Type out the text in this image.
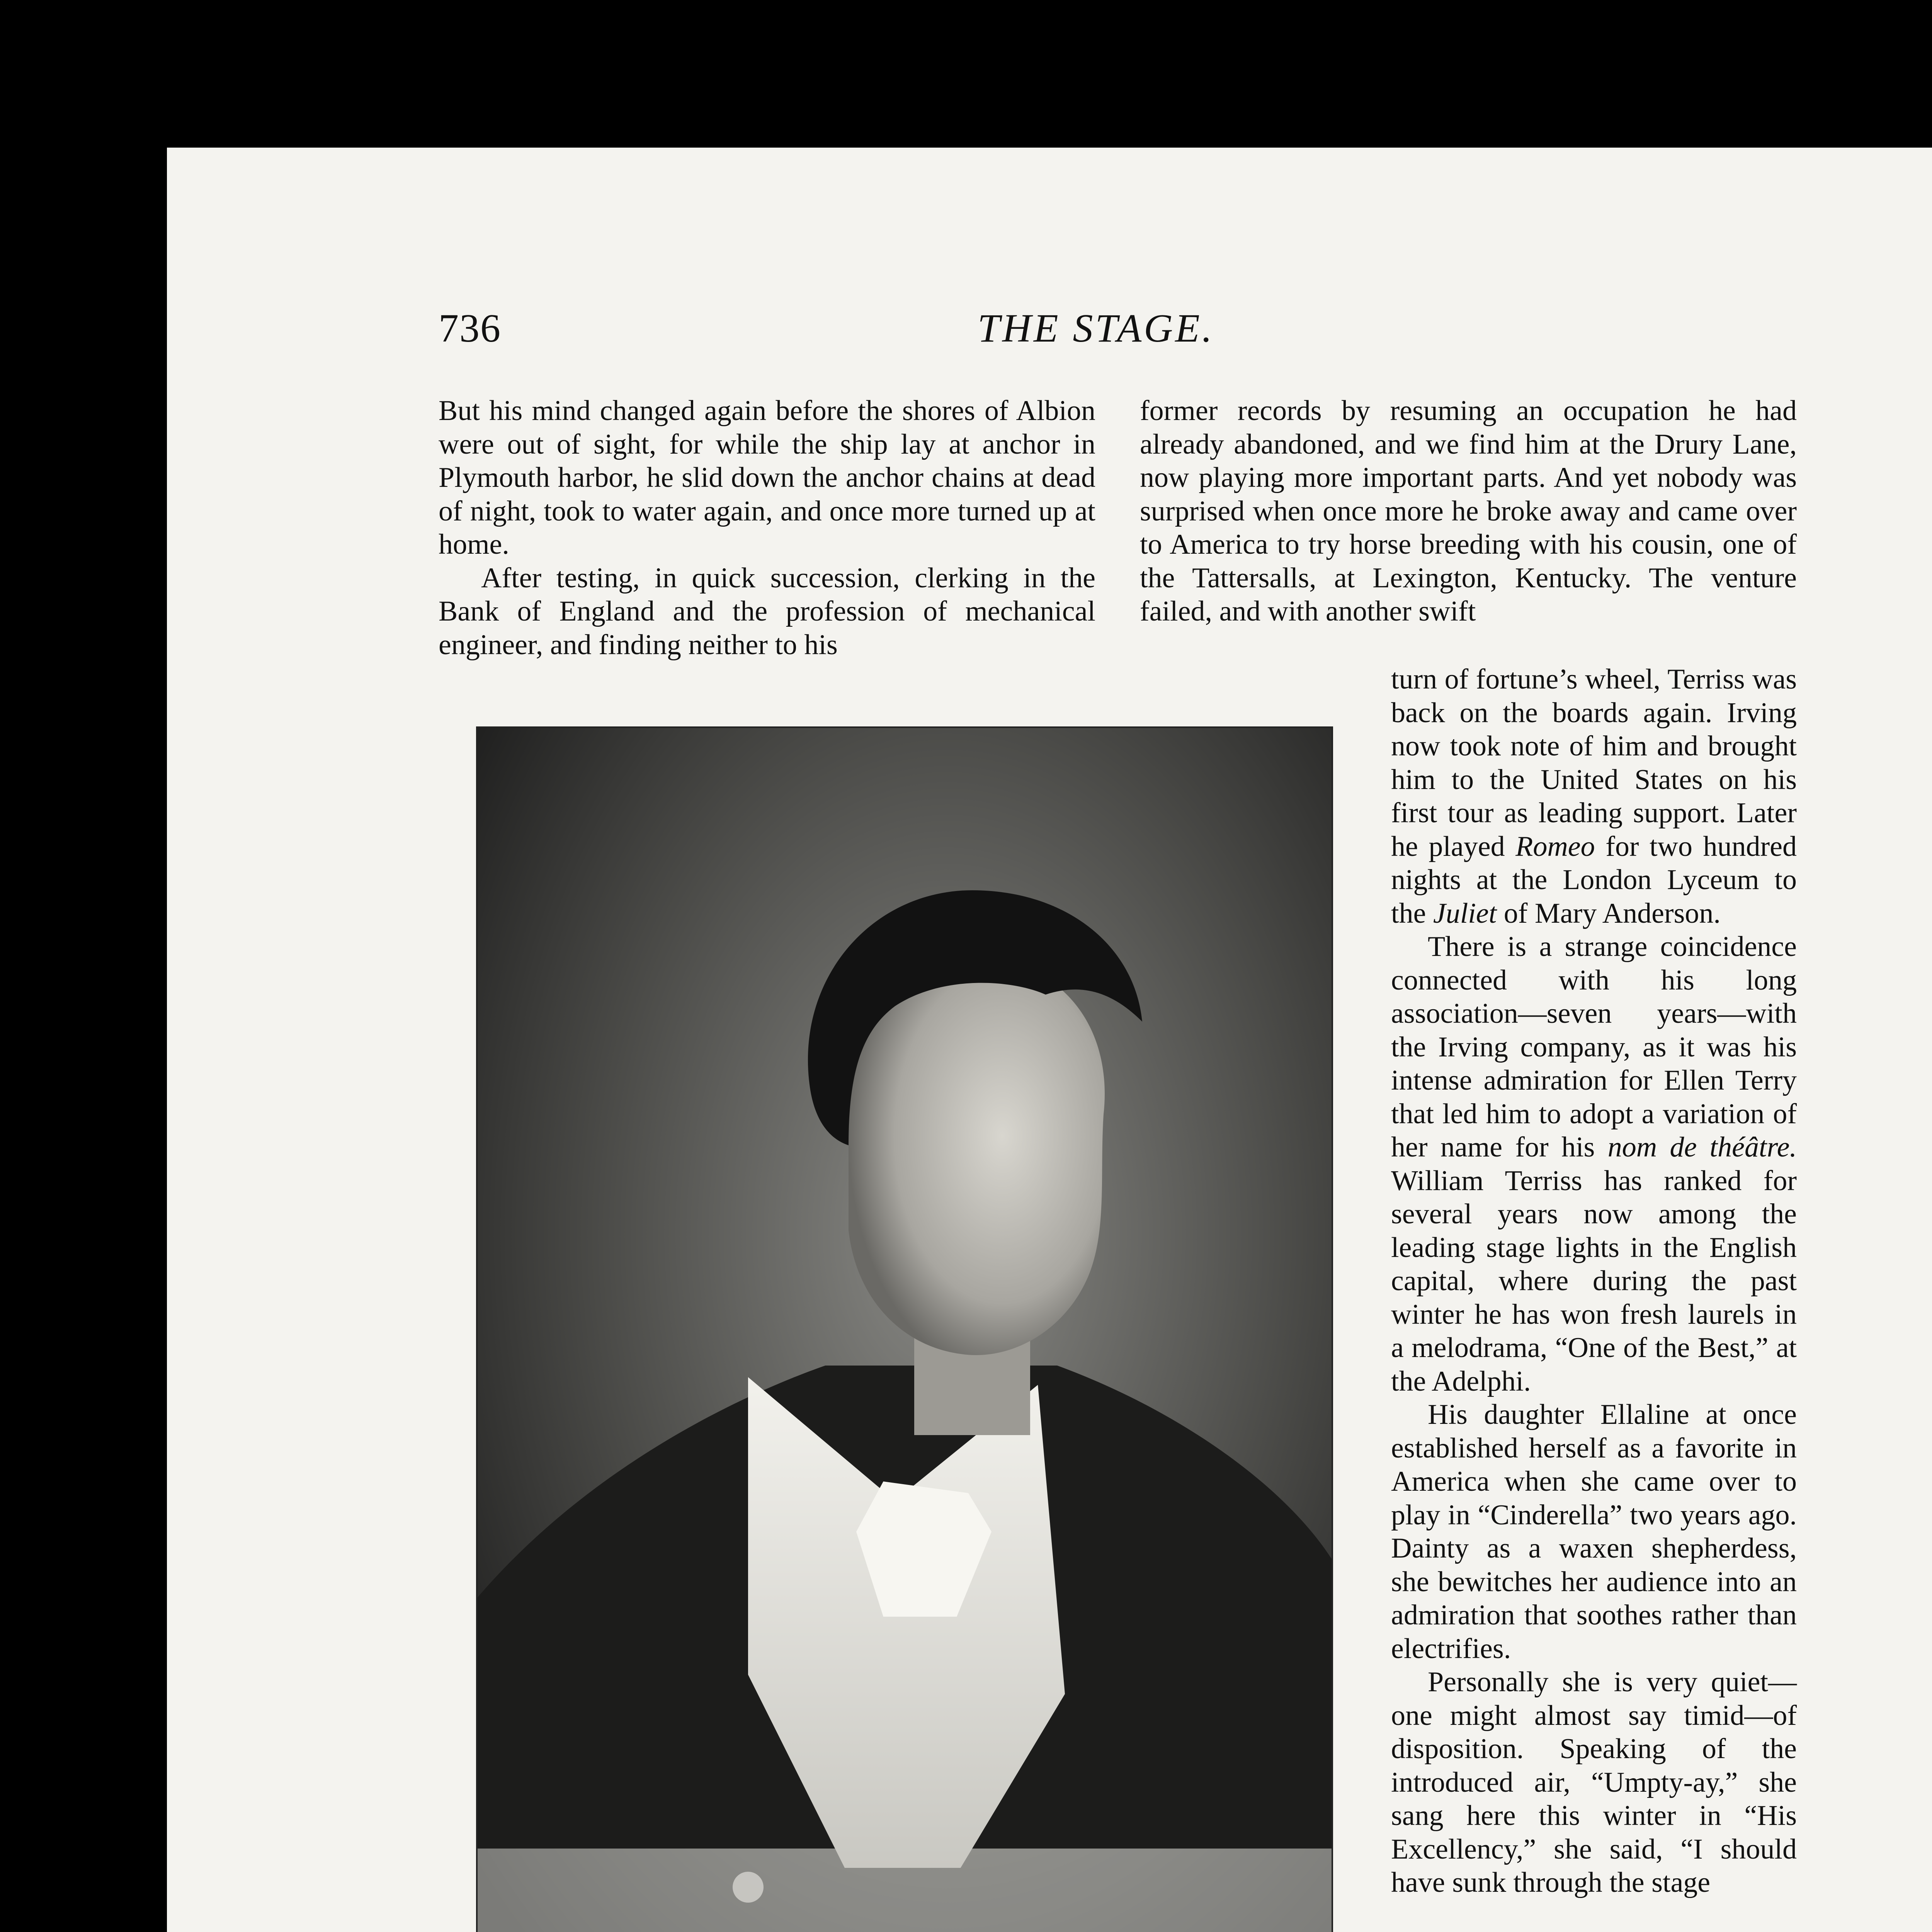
736	THE STAGE.

But his mind changed again before the shores of Albion were out of sight, for while the ship lay at anchor in Plymouth harbor, he slid down the anchor chains at dead of night, took to water again, and once more turned up at home.

After testing, in quick succession, clerking in the Bank of England and the profession of mechanical engineer, and finding neither to his

former records by resuming an occupation he had already abandoned, and we find him at the Drury Lane, now playing more important parts. And yet nobody was surprised when once more he broke away and came over to America to try horse breeding with his cousin, one of the Tattersalls, at Lexington, Kentucky. The venture failed, and with another swift

turn of fortune’s wheel, Terriss was back on the boards again. Irving now took note of him and brought him to the United States on his first tour as leading support. Later he played Romeo for two hundred nights at the London Lyceum to the Juliet of Mary Anderson.

There is a strange coincidence connected with his long association—seven years—with the Irving company, as it was his intense admiration for Ellen Terry that led him to adopt a variation of her name for his nom de théâtre. William Terriss has ranked for several years now among the leading stage lights in the English capital, where during the past winter he has won fresh laurels in a melodrama, “One of the Best,” at the Adelphi.

His daughter Ellaline at once established herself as a favorite in America when she came over to play in “Cinderella” two years ago. Dainty as a waxen shepherdess, she bewitches her audience into an admiration that soothes rather than electrifies.

Personally she is very quiet—one might almost say timid—of disposition. Speaking of the introduced air, “Umpty-ay,” she sang here this winter in “His Excellency,” she said, “I should have sunk through the stage
